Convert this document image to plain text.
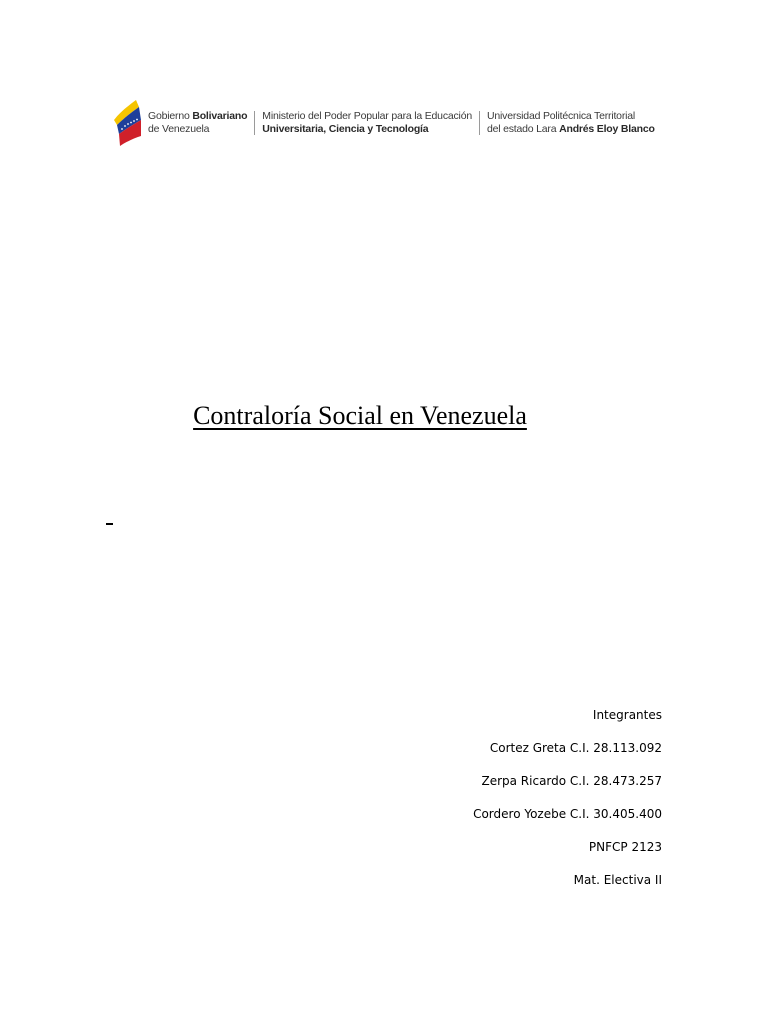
Gobierno Bolivariano
de Venezuela
Ministerio del Poder Popular para la Educación
Universitaria, Ciencia y Tecnología
Universidad Politécnica Territorial
del estado Lara Andrés Eloy Blanco
Contraloría Social en Venezuela
Integrantes
Cortez Greta C.I. 28.113.092
Zerpa Ricardo C.I. 28.473.257
Cordero Yozebe C.I. 30.405.400
PNFCP 2123
Mat. Electiva II
